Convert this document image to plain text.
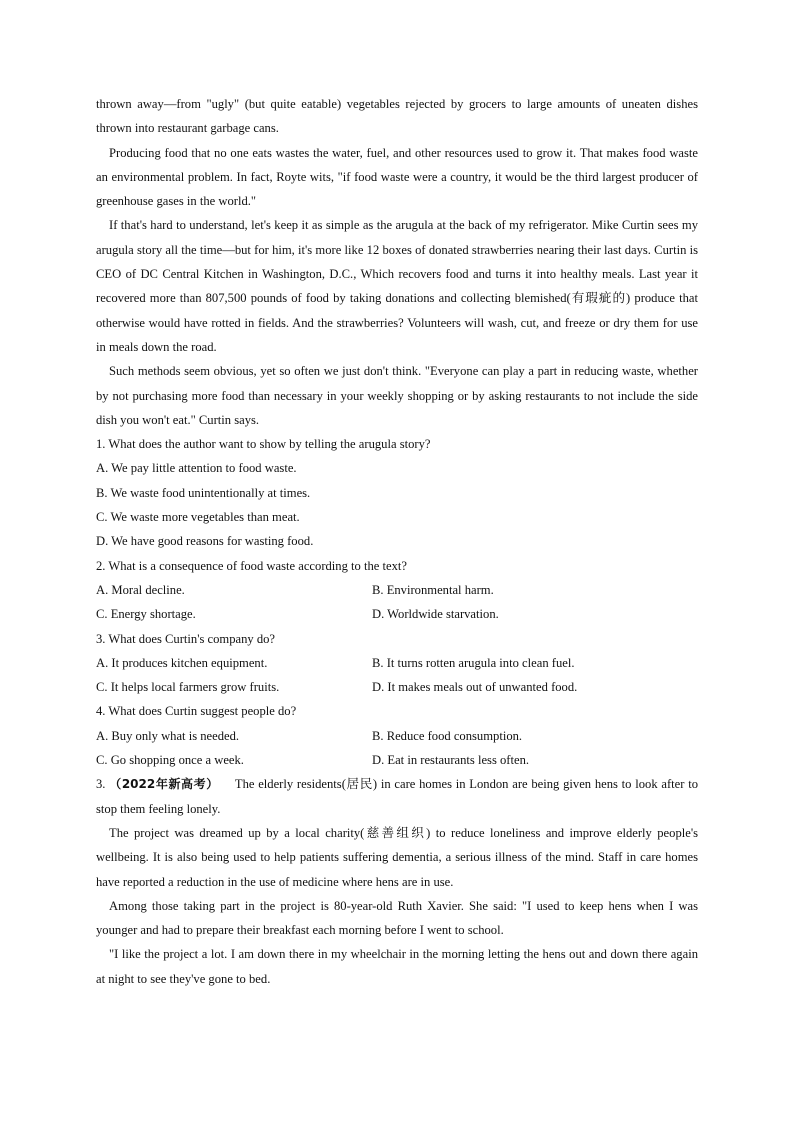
thrown away—from "ugly" (but quite eatable) vegetables rejected by grocers to large amounts of uneaten dishes thrown into restaurant garbage cans.

Producing food that no one eats wastes the water, fuel, and other resources used to grow it. That makes food waste an environmental problem. In fact, Royte wits, "if food waste were a country, it would be the third largest producer of greenhouse gases in the world."

If that's hard to understand, let's keep it as simple as the arugula at the back of my refrigerator. Mike Curtin sees my arugula story all the time—but for him, it's more like 12 boxes of donated strawberries nearing their last days. Curtin is CEO of DC Central Kitchen in Washington, D.C., Which recovers food and turns it into healthy meals. Last year it recovered more than 807,500 pounds of food by taking donations and collecting blemished(有瑕疵的) produce that otherwise would have rotted in fields. And the strawberries? Volunteers will wash, cut, and freeze or dry them for use in meals down the road.

Such methods seem obvious, yet so often we just don't think. "Everyone can play a part in reducing waste, whether by not purchasing more food than necessary in your weekly shopping or by asking restaurants to not include the side dish you won't eat." Curtin says.

1. What does the author want to show by telling the arugula story?

A. We pay little attention to food waste.

B. We waste food unintentionally at times.

C. We waste more vegetables than meat.

D. We have good reasons for wasting food.

2. What is a consequence of food waste according to the text?

A. Moral decline.	B. Environmental harm.
C. Energy shortage.	D. Worldwide starvation.

3. What does Curtin's company do?

A. It produces kitchen equipment.	B. It turns rotten arugula into clean fuel.
C. It helps local farmers grow fruits.	D. It makes meals out of unwanted food.

4. What does Curtin suggest people do?

A. Buy only what is needed.	B. Reduce food consumption.
C. Go shopping once a week.	D. Eat in restaurants less often.

3. （2022年新高考） The elderly residents(居民) in care homes in London are being given hens to look after to stop them feeling lonely.

The project was dreamed up by a local charity(慈善组织) to reduce loneliness and improve elderly people's wellbeing. It is also being used to help patients suffering dementia, a serious illness of the mind. Staff in care homes have reported a reduction in the use of medicine where hens are in use.

Among those taking part in the project is 80-year-old Ruth Xavier. She said: "I used to keep hens when I was younger and had to prepare their breakfast each morning before I went to school.

"I like the project a lot. I am down there in my wheelchair in the morning letting the hens out and down there again at night to see they've gone to bed.
